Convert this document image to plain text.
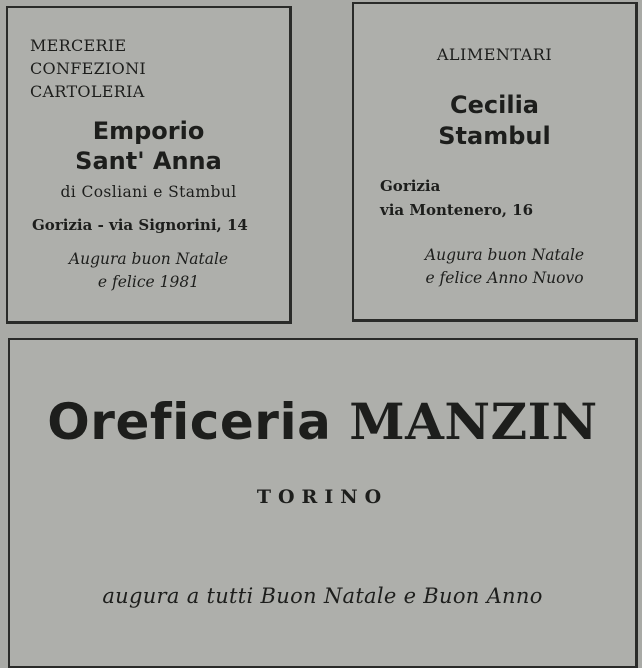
MERCERIE
CONFEZIONI
CARTOLERIA
Emporio
Sant' Anna
di Cosliani e Stambul
Gorizia - via Signorini, 14
Augura buon Natale
e felice 1981
ALIMENTARI
Cecilia
Stambul
Gorizia
via Montenero, 16
Augura buon Natale
e felice Anno Nuovo
Oreficeria MANZIN
TORINO
augura a tutti Buon Natale e Buon Anno
